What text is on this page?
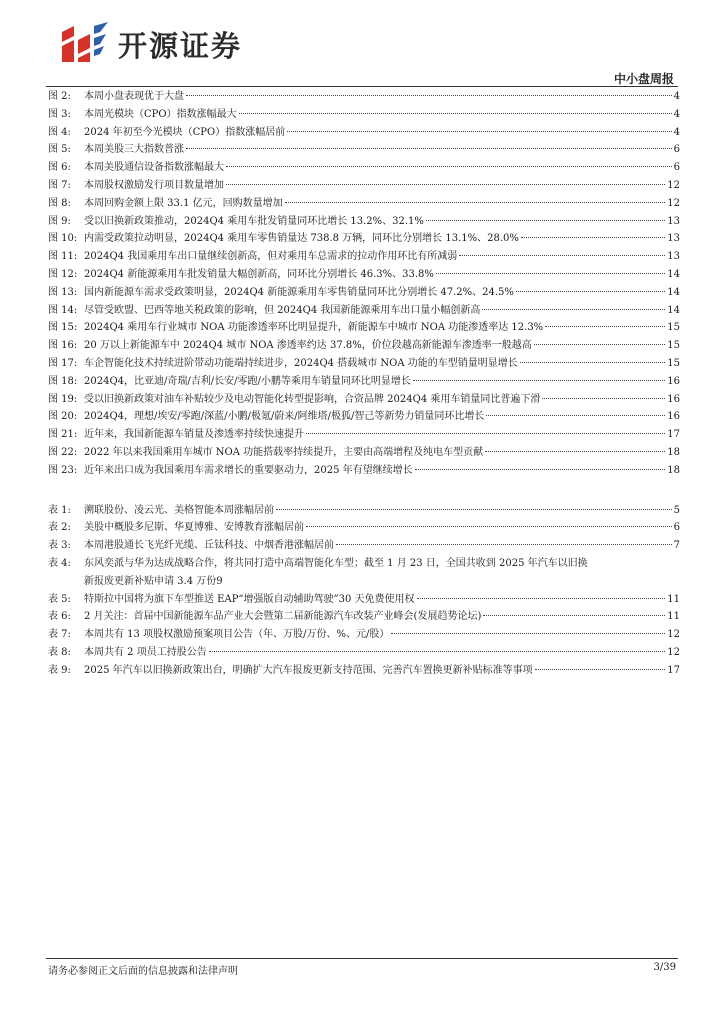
开源证券
中小盘周报
图 2:	本周小盘表现优于大盘	4
图 3:	本周光模块（CPO）指数涨幅最大	4
图 4:	2024 年初至今光模块（CPO）指数涨幅居前	4
图 5:	本周美股三大指数普涨	6
图 6:	本周美股通信设备指数涨幅最大	6
图 7:	本周股权激励发行项目数量增加	12
图 8:	本周回购金额上限 33.1 亿元，回购数量增加	12
图 9:	受以旧换新政策推动，2024Q4 乘用车批发销量同环比增长 13.2%、32.1%	13
图 10: 内需受政策拉动明显，2024Q4 乘用车零售销量达 738.8 万辆，同环比分别增长 13.1%、28.0%	13
图 11: 2024Q4 我国乘用车出口量继续创新高，但对乘用车总需求的拉动作用环比有所减弱	13
图 12: 2024Q4 新能源乘用车批发销量大幅创新高，同环比分别增长 46.3%、33.8%	14
图 13: 国内新能源车需求受政策明显，2024Q4 新能源乘用车零售销量同环比分别增长 47.2%、24.5%	14
图 14: 尽管受欧盟、巴西等地关税政策的影响，但 2024Q4 我国新能源乘用车出口量小幅创新高	14
图 15: 2024Q4 乘用车行业城市 NOA 功能渗透率环比明显提升，新能源车中城市 NOA 功能渗透率达 12.3%	15
图 16: 20 万以上新能源车中 2024Q4 城市 NOA 渗透率约达 37.8%，价位段越高新能源车渗透率一般越高	15
图 17: 车企智能化技术持续进阶带动功能端持续进步，2024Q4 搭载城市 NOA 功能的车型销量明显增长	15
图 18: 2024Q4，比亚迪/奇瑞/吉利/长安/零跑/小鹏等乘用车销量同环比明显增长	16
图 19: 受以旧换新政策对油车补贴较少及电动智能化转型提影响，合资品牌 2024Q4 乘用车销量同比普遍下滑	16
图 20: 2024Q4，理想/埃安/零跑/深蓝/小鹏/极氪/蔚来/阿维塔/极狐/智己等新势力销量同环比增长	16
图 21: 近年来，我国新能源车销量及渗透率持续快速提升	17
图 22: 2022 年以来我国乘用车城市 NOA 功能搭载率持续提升，主要由高端增程及纯电车型贡献	18
图 23: 近年来出口成为我国乘用车需求增长的重要驱动力，2025 年有望继续增长	18
表 1:	溯联股份、凌云光、美格智能本周涨幅居前	5
表 2:	美股中概股多尼斯、华夏博雅、安博教育涨幅居前	6
表 3:	本周港股通长飞光纤光缆、丘钛科技、中烟香港涨幅居前	7
表 4:	东风奕派与华为达成战略合作，将共同打造中高端智能化车型；截至 1 月 23 日，全国共收到 2025 年汽车以旧换
新报废更新补贴申请 3.4 万份 9
表 5:	特斯拉中国将为旗下车型推送 EAP“增强版自动辅助驾驶”30 天免费使用权	11
表 6:	2 月关注：首届中国新能源车品产业大会暨第二届新能源汽车改装产业峰会(发展趋势论坛)	11
表 7:	本周共有 13 项股权激励预案项目公告（年、万股/万份、%、元/股）	12
表 8:	本周共有 2 项员工持股公告	12
表 9:	2025 年汽车以旧换新政策出台，明确扩大汽车报废更新支持范围、完善汽车置换更新补贴标准等事项	17
请务必参阅正文后面的信息披露和法律声明	3/39
